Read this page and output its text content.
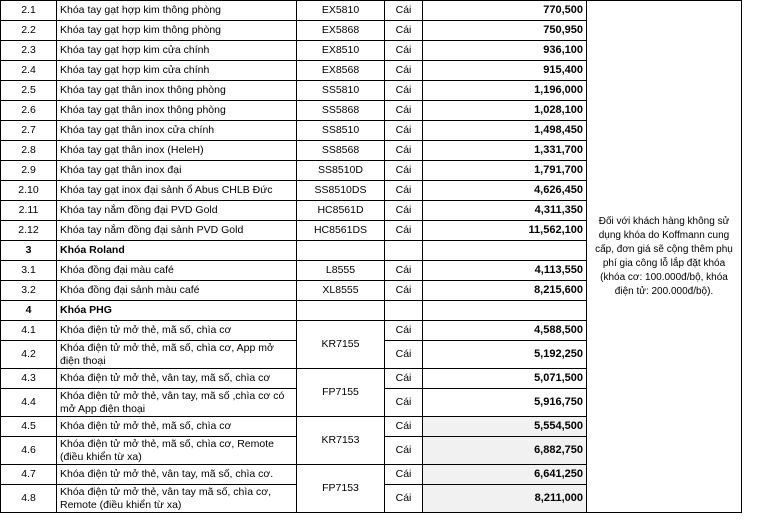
2.1	Khóa tay gạt hợp kim thông phòng	EX5810	Cái	770,500	Đối với khách hàng không sử dụng khóa do Koffmann cung cấp, đơn giá sẽ cộng thêm phụ phí gia công lỗ lắp đặt khóa (khóa cơ: 100.000đ/bộ, khóa điện tử: 200.000đ/bộ).

2.2	Khóa tay gạt hợp kim thông phòng	EX5868	Cái	750,950	
2.3	Khóa tay gạt hợp kim cửa chính	EX8510	Cái	936,100	
2.4	Khóa tay gạt hợp kim cửa chính	EX8568	Cái	915,400	
2.5	Khóa tay gạt thân inox thông phòng	SS5810	Cái	1,196,000	
2.6	Khóa tay gạt thân inox thông phòng	SS5868	Cái	1,028,100	
2.7	Khóa tay gạt thân inox cửa chính	SS8510	Cái	1,498,450	
2.8	Khóa tay gạt thân inox (HeleH)	SS8568	Cái	1,331,700	
2.9	Khóa tay gạt thân inox đại	SS8510D	Cái	1,791,700	
2.10	Khóa tay gạt inox đại sảnh ổ Abus CHLB Đức	SS8510DS	Cái	4,626,450	
2.11	Khóa tay nắm đồng đại PVD Gold	HC8561D	Cái	4,311,350	
2.12	Khóa tay nắm đồng đại sảnh PVD Gold	HC8561DS	Cái	11,562,100	
3	Khóa Roland				
3.1	Khóa đồng đại màu café	L8555	Cái	4,113,550	
3.2	Khóa đồng đại sảnh màu café	XL8555	Cái	8,215,600	
4	Khóa PHG				
4.1	Khóa điện tử mở thẻ, mã số, chìa cơ	KR7155	Cái	4,588,500	
4.2	Khóa điện tử mở thẻ, mã số, chìa cơ, App mở điện thoại		Cái	5,192,250	
4.3	Khóa điện tử mở thẻ, vân tay, mã số, chìa cơ	FP7155	Cái	5,071,500	
4.4	Khóa điện tử mở thẻ, vân tay, mã số ,chìa cơ có mở App điện thoại		Cái	5,916,750	
4.5	Khóa điện tử mở thẻ, mã số, chìa cơ	KR7153	Cái	5,554,500	
4.6	Khóa điện tử mở thẻ, mã số, chìa cơ, Remote (điều khiển từ xa)		Cái	6,882,750	
4.7	Khóa điện tử mở thẻ, vân tay, mã số, chìa cơ.	FP7153	Cái	6,641,250	
4.8	Khóa điện tử mở thẻ, vân tay mã số, chìa cơ, Remote (điều khiển từ xa)		Cái	8,211,000	
